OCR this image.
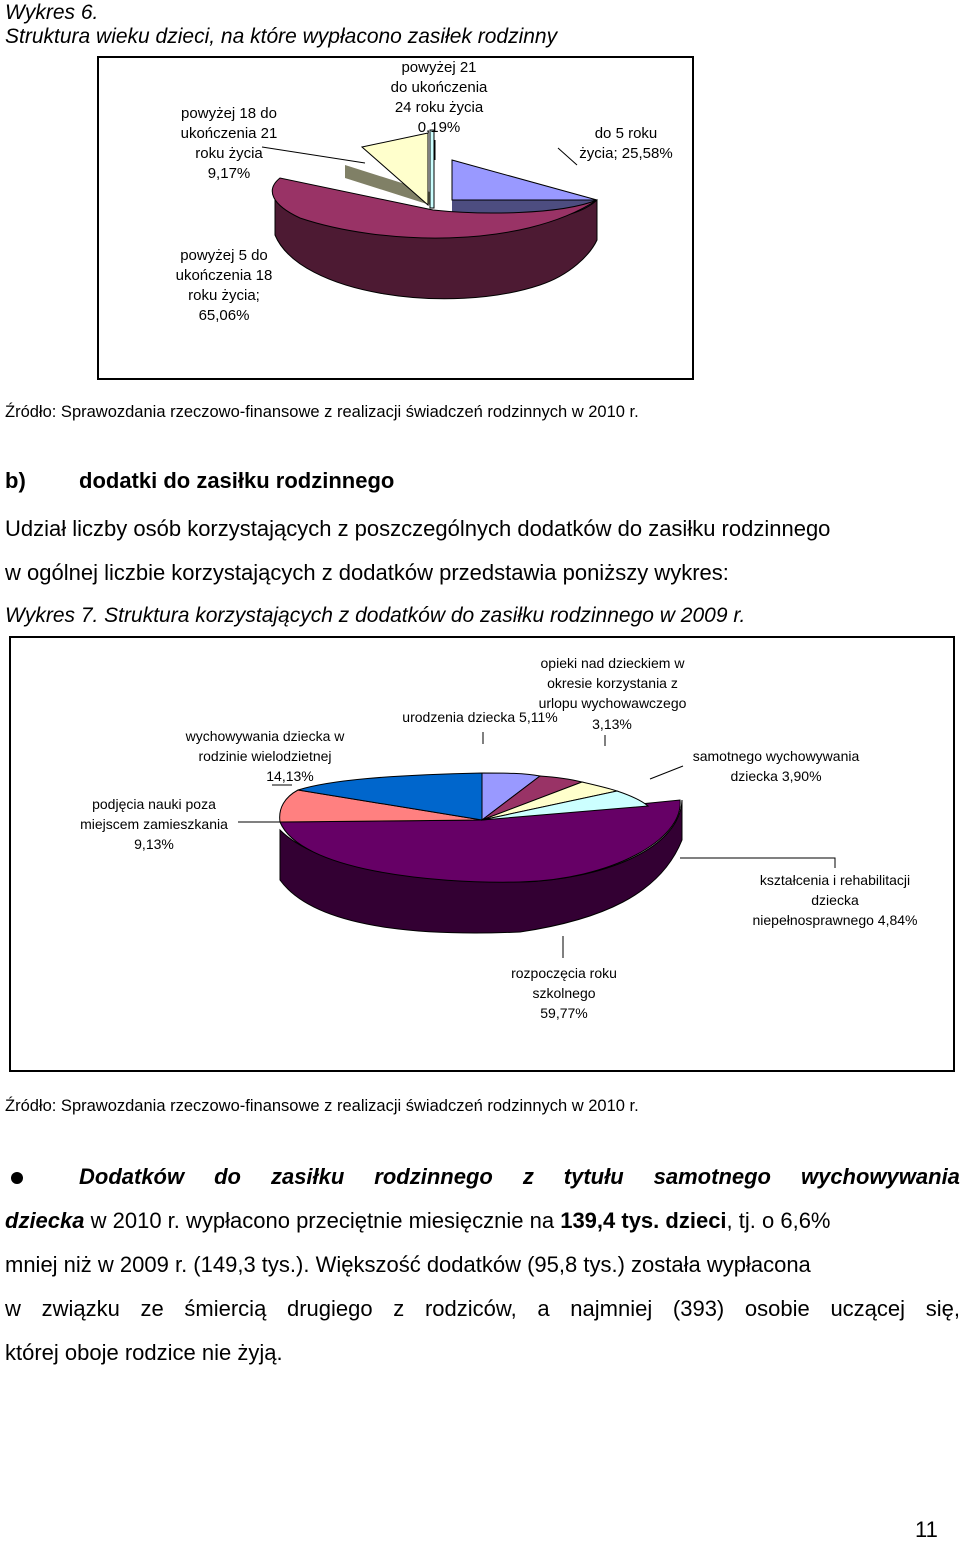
Wykres 6.
Struktura wieku dzieci, na które wypłacono zasiłek rodzinny
powyżej 21
do ukończenia
24 roku życia
0,19%	do 5 roku
życia; 25,58%
powyżej 18 do
ukończenia 21
roku życia
9,17%
powyżej 5 do
ukończenia 18
roku życia;
65,06%
Źródło: Sprawozdania rzeczowo-finansowe z realizacji świadczeń rodzinnych w 2010 r.
b) dodatki do zasiłku rodzinnego
Udział liczby osób korzystających z poszczególnych dodatków do zasiłku rodzinnego
w ogólnej liczbie korzystających z dodatków przedstawia poniższy wykres:
Wykres 7. Struktura korzystających z dodatków do zasiłku rodzinnego w 2009 r.
opieki nad dzieckiem w
okresie korzystania z
urlopu wychowawczego
3,13%
urodzenia dziecka 5,11%
wychowywania dziecka w
rodzinie wielodzietnej
14,13%
samotnego wychowywania
dziecka 3,90%
podjęcia nauki poza
miejscem zamieszkania
9,13%
kształcenia i rehabilitacji
dziecka
niepełnosprawnego 4,84%
rozpoczęcia roku
szkolnego
59,77%
Źródło: Sprawozdania rzeczowo-finansowe z realizacji świadczeń rodzinnych w 2010 r.
Dodatków do zasiłku rodzinnego z tytułu samotnego wychowywania
dziecka w 2010 r. wypłacono przeciętnie miesięcznie na 139,4 tys. dzieci, tj. o 6,6%
mniej niż w 2009 r. (149,3 tys.). Większość dodatków (95,8 tys.) została wypłacona
w związku ze śmiercią drugiego z rodziców, a najmniej (393) osobie uczącej się,
której oboje rodzice nie żyją.
11
